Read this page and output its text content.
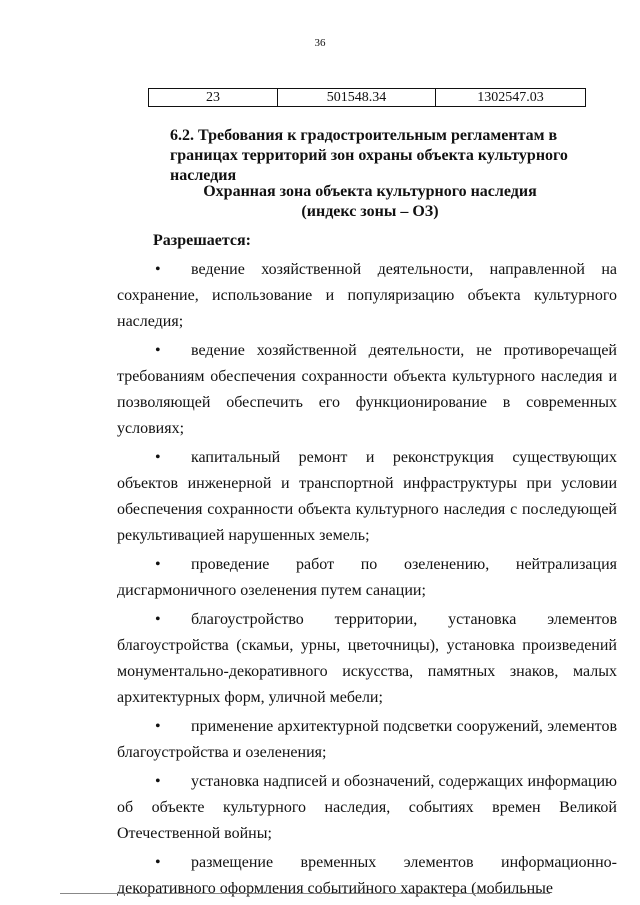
36
23	501548.34	1302547.03
6.2. Требования к градостроительным регламентам в границах территорий зон охраны объекта культурного наследия
Охранная зона объекта культурного наследия
(индекс зоны – ОЗ)
Разрешается:

• ведение хозяйственной деятельности, направленной на сохранение, использование и популяризацию объекта культурного наследия;

• ведение хозяйственной деятельности, не противоречащей требованиям обеспечения сохранности объекта культурного наследия и позволяющей обеспечить его функционирование в современных условиях;

• капитальный ремонт и реконструкция существующих объектов инженерной и транспортной инфраструктуры при условии обеспечения сохранности объекта культурного наследия с последующей рекультивацией нарушенных земель;

• проведение работ по озеленению, нейтрализация дисгармоничного озеленения путем санации;

• благоустройство территории, установка элементов благоустройства (скамьи, урны, цветочницы), установка произведений монументально-декоративного искусства, памятных знаков, малых архитектурных форм, уличной мебели;

• применение архитектурной подсветки сооружений, элементов благоустройства и озеленения;

• установка надписей и обозначений, содержащих информацию об объекте культурного наследия, событиях времен Великой Отечественной войны;

• размещение временных элементов информационно-декоративного оформления событийного характера (мобильные
